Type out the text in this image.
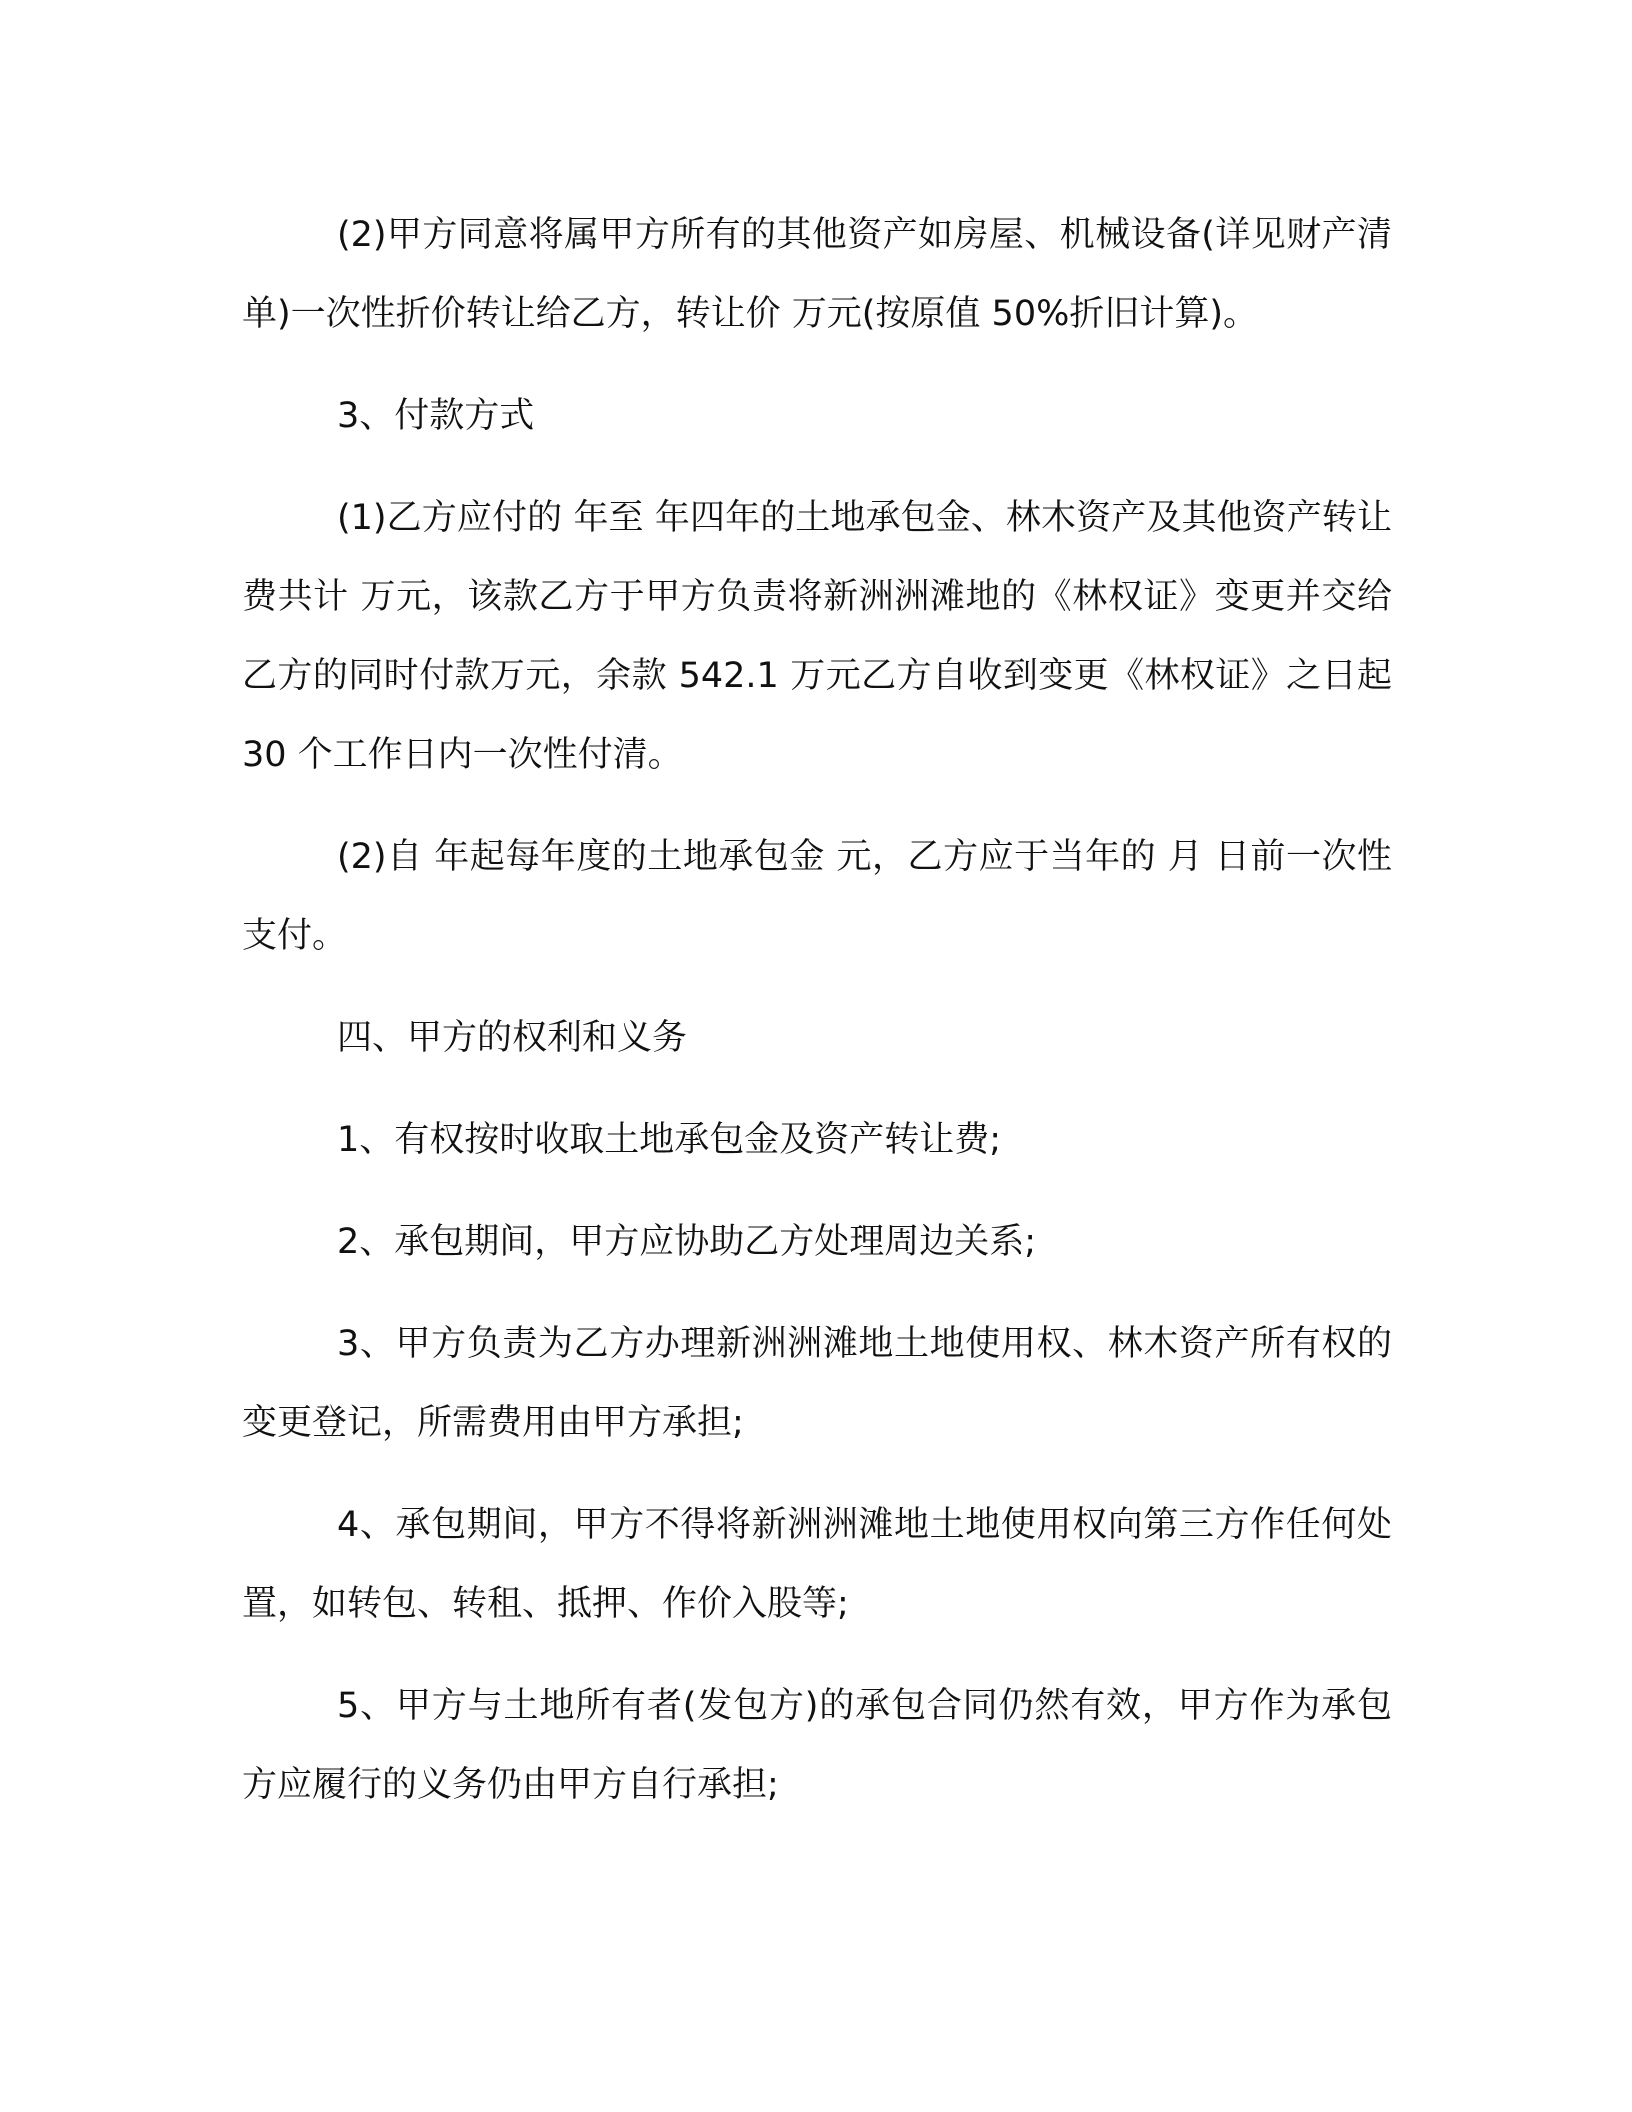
(2)甲方同意将属甲方所有的其他资产如房屋、机械设备(详见财产清单)一次性折价转让给乙方，转让价 万元(按原值 50%折旧计算)。

3、付款方式

(1)乙方应付的 年至 年四年的土地承包金、林木资产及其他资产转让费共计 万元，该款乙方于甲方负责将新洲洲滩地的《林权证》变更并交给乙方的同时付款万元，余款 542.1 万元乙方自收到变更《林权证》之日起 30 个工作日内一次性付清。

(2)自 年起每年度的土地承包金 元，乙方应于当年的 月 日前一次性支付。

四、甲方的权利和义务

1、有权按时收取土地承包金及资产转让费;

2、承包期间，甲方应协助乙方处理周边关系;

3、甲方负责为乙方办理新洲洲滩地土地使用权、林木资产所有权的变更登记，所需费用由甲方承担;

4、承包期间，甲方不得将新洲洲滩地土地使用权向第三方作任何处置，如转包、转租、抵押、作价入股等;

5、甲方与土地所有者(发包方)的承包合同仍然有效，甲方作为承包方应履行的义务仍由甲方自行承担;
